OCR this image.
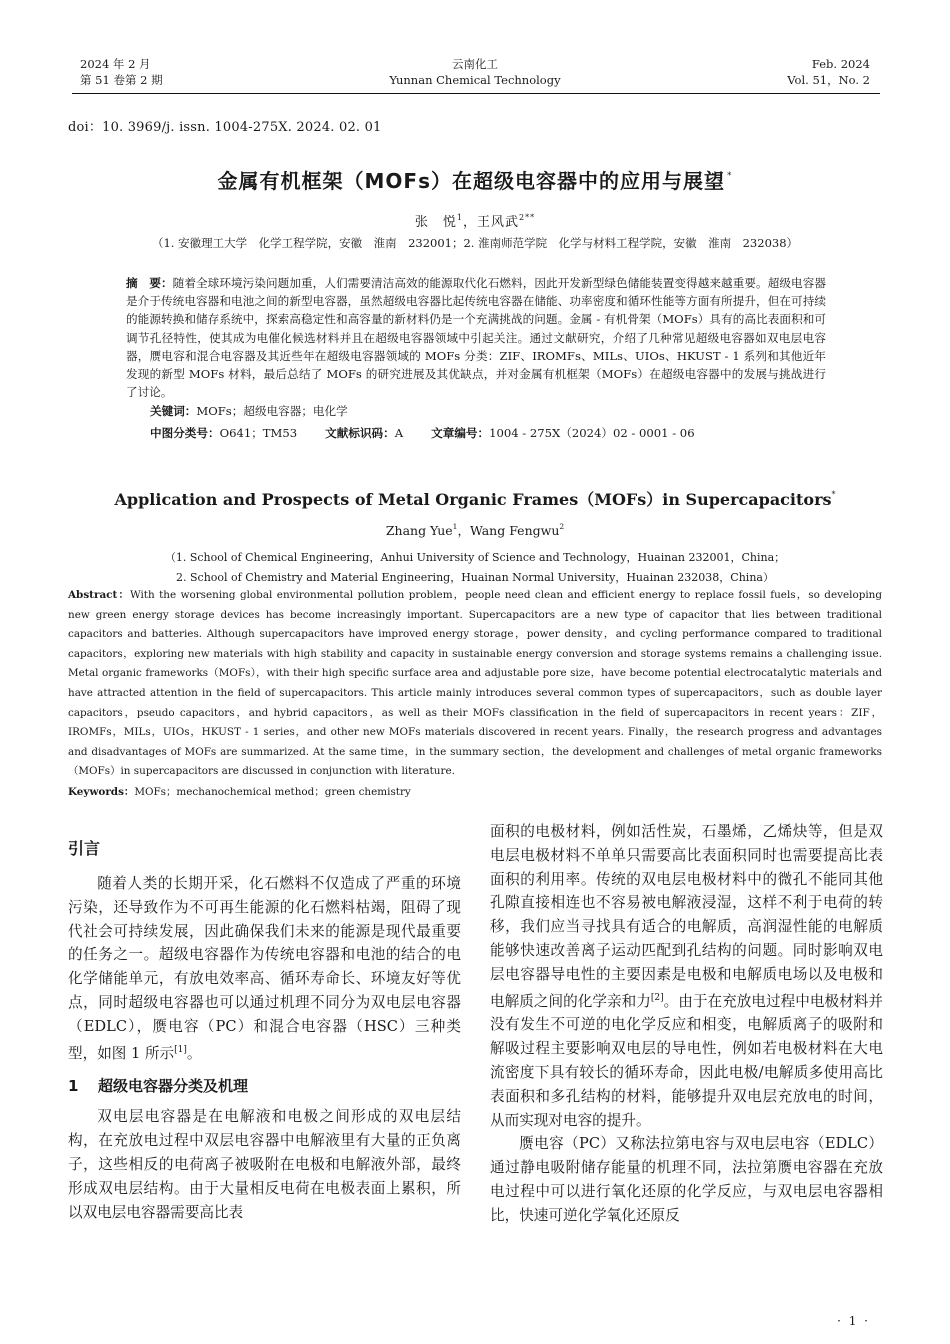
2024 年 2 月
第 51 卷第 2 期
云南化工
Yunnan Chemical Technology
Feb. 2024
Vol. 51，No. 2
doi：10. 3969/j. issn. 1004-275X. 2024. 02. 01
金属有机框架（MOFs）在超级电容器中的应用与展望 *
张　悦$^1$，王风武$^{2**}$
（1. 安徽理工大学　化学工程学院，安徽　淮南　232001；2. 淮南师范学院　化学与材料工程学院，安徽　淮南　232038）
摘　要：随着全球环境污染问题加重，人们需要清洁高效的能源取代化石燃料，因此开发新型绿色储能装置变得越来越重要。超级电容器是介于传统电容器和电池之间的新型电容器，虽然超级电容器比起传统电容器在储能、功率密度和循环性能等方面有所提升，但在可持续的能源转换和储存系统中，探索高稳定性和高容量的新材料仍是一个充满挑战的问题。金属 - 有机骨架（MOFs）具有的高比表面积和可调节孔径特性，使其成为电催化候选材料并且在超级电容器领域中引起关注。通过文献研究，介绍了几种常见超级电容器如双电层电容器，赝电容和混合电容器及其近些年在超级电容器领域的 MOFs 分类：ZIF、IROMFs、MILs、UIOs、HKUST - 1 系列和其他近年发现的新型 MOFs 材料，最后总结了 MOFs 的研究进展及其优缺点，并对金属有机框架（MOFs）在超级电容器中的发展与挑战进行了讨论。
关键词：MOFs；超级电容器；电化学
中图分类号：O641；TM53 文献标识码：A 文章编号：1004 - 275X（2024）02 - 0001 - 06
Application and Prospects of Metal Organic Frames（MOFs）in Supercapacitors*
Zhang Yue$^1$，Wang Fengwu$^2$
（1. School of Chemical Engineering，Anhui University of Science and Technology，Huainan 232001，China；
2. School of Chemistry and Material Engineering，Huainan Normal University，Huainan 232038，China）
Abstract：With the worsening global environmental pollution problem，people need clean and efficient energy to replace fossil fuels，so developing new green energy storage devices has become increasingly important. Supercapacitors are a new type of capacitor that lies between traditional capacitors and batteries. Although supercapacitors have improved energy storage，power density，and cycling performance compared to traditional capacitors，exploring new materials with high stability and capacity in sustainable energy conversion and storage systems remains a challenging issue. Metal organic frameworks（MOFs），with their high specific surface area and adjustable pore size，have become potential electrocatalytic materials and have attracted attention in the field of supercapacitors. This article mainly introduces several common types of supercapacitors，such as double layer capacitors，pseudo capacitors，and hybrid capacitors，as well as their MOFs classification in the field of supercapacitors in recent years：ZIF，IROMFs，MILs，UIOs，HKUST - 1 series，and other new MOFs materials discovered in recent years. Finally，the research progress and advantages and disadvantages of MOFs are summarized. At the same time，in the summary section，the development and challenges of metal organic frameworks（MOFs）in supercapacitors are discussed in conjunction with literature.
Keywords：MOFs；mechanochemical method；green chemistry
引言

随着人类的长期开采，化石燃料不仅造成了严重的环境污染，还导致作为不可再生能源的化石燃料枯竭，阻碍了现代社会可持续发展，因此确保我们未来的能源是现代最重要的任务之一。超级电容器作为传统电容器和电池的结合的电化学储能单元，有放电效率高、循环寿命长、环境友好等优点，同时超级电容器也可以通过机理不同分为双电层电容器（EDLC），赝电容（PC）和混合电容器（HSC）三种类型，如图 1 所示[1]。

1 超级电容器分类及机理

双电层电容器是在电解液和电极之间形成的双电层结构，在充放电过程中双层电容器中电解液里有大量的正负离子，这些相反的电荷离子被吸附在电极和电解液外部，最终形成双电层结构。由于大量相反电荷在电极表面上累积，所以双电层电容器需要高比表

面积的电极材料，例如活性炭，石墨烯，乙烯炔等，但是双电层电极材料不单单只需要高比表面积同时也需要提高比表面积的利用率。传统的双电层电极材料中的微孔不能同其他孔隙直接相连也不容易被电解液浸湿，这样不利于电荷的转移，我们应当寻找具有适合的电解质，高润湿性能的电解质能够快速改善离子运动匹配到孔结构的问题。同时影响双电层电容器导电性的主要因素是电极和电解质电场以及电极和电解质之间的化学亲和力[2]。由于在充放电过程中电极材料并没有发生不可逆的电化学反应和相变，电解质离子的吸附和解吸过程主要影响双电层的导电性，例如若电极材料在大电流密度下具有较长的循环寿命，因此电极/电解质多使用高比表面积和多孔结构的材料，能够提升双电层充放电的时间，从而实现对电容的提升。

赝电容（PC）又称法拉第电容与双电层电容（EDLC）通过静电吸附储存能量的机理不同，法拉第赝电容器在充放电过程中可以进行氧化还原的化学反应，与双电层电容器相比，快速可逆化学氧化还原反

· 1 ·
